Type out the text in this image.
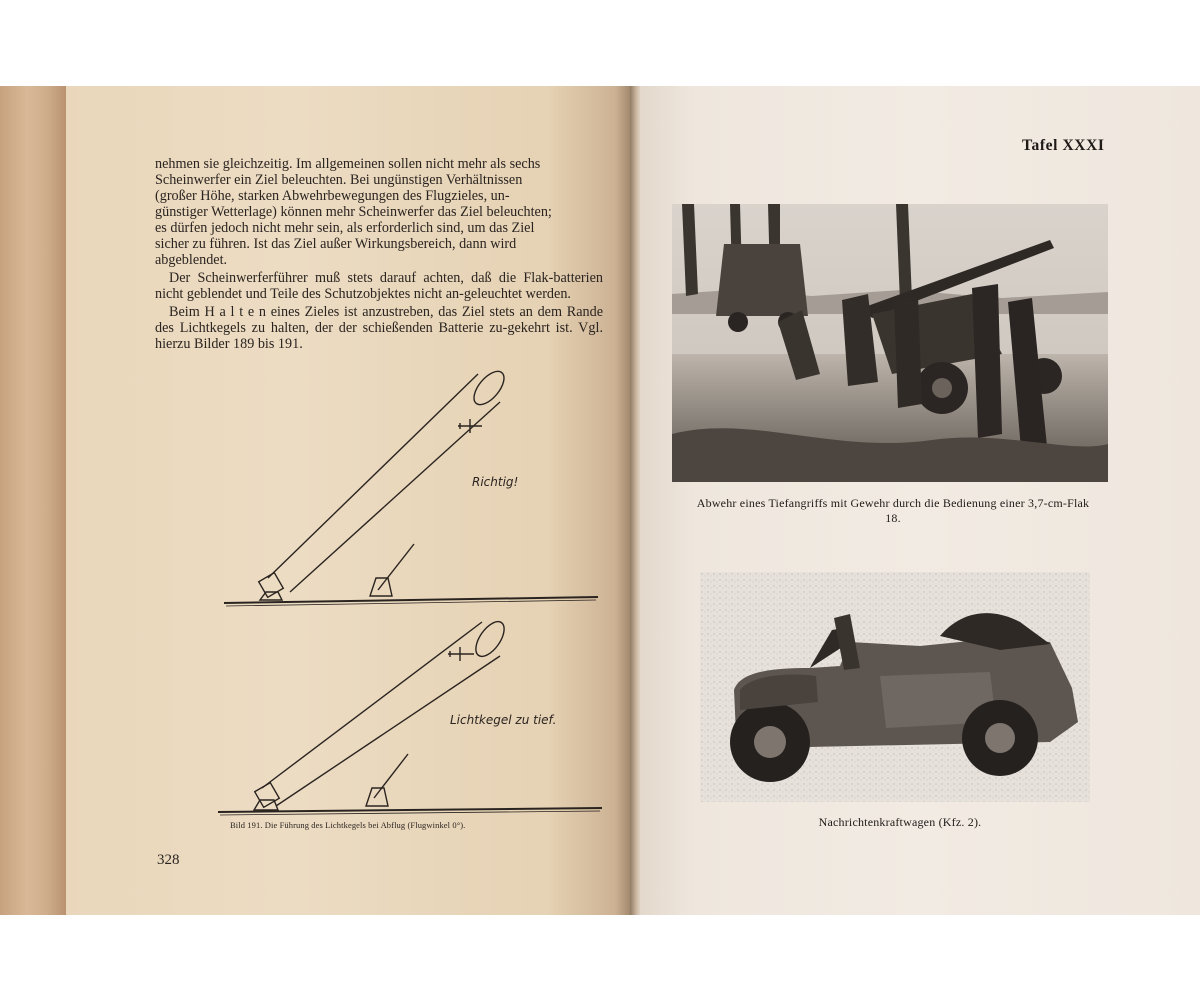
nehmen sie gleichzeitig. Im allgemeinen sollen nicht mehr als sechs

Scheinwerfer ein Ziel beleuchten. Bei ungünstigen Verhältnissen

(großer Höhe, starken Abwehrbewegungen des Flugzieles, un-

günstiger Wetterlage) können mehr Scheinwerfer das Ziel beleuchten;

es dürfen jedoch nicht mehr sein, als erforderlich sind, um das Ziel

sicher zu führen. Ist das Ziel außer Wirkungsbereich, dann wird

abgeblendet.

Der Scheinwerferführer muß stets darauf achten, daß die Flak-batterien nicht geblendet und Teile des Schutzobjektes nicht an-geleuchtet werden.

Beim H a l t e n eines Zieles ist anzustreben, das Ziel stets an dem Rande des Lichtkegels zu halten, der der schießenden Batterie zu-gekehrt ist. Vgl. hierzu Bilder 189 bis 191.

Richtig!
Lichtkegel zu tief.
Bild 191. Die Führung des Lichtkegels bei Abflug (Flugwinkel 0°).
328
Tafel XXXI
Abwehr eines Tiefangriffs mit Gewehr durch die Bedienung einer 3,7-cm-Flak 18.
Nachrichtenkraftwagen (Kfz. 2).
